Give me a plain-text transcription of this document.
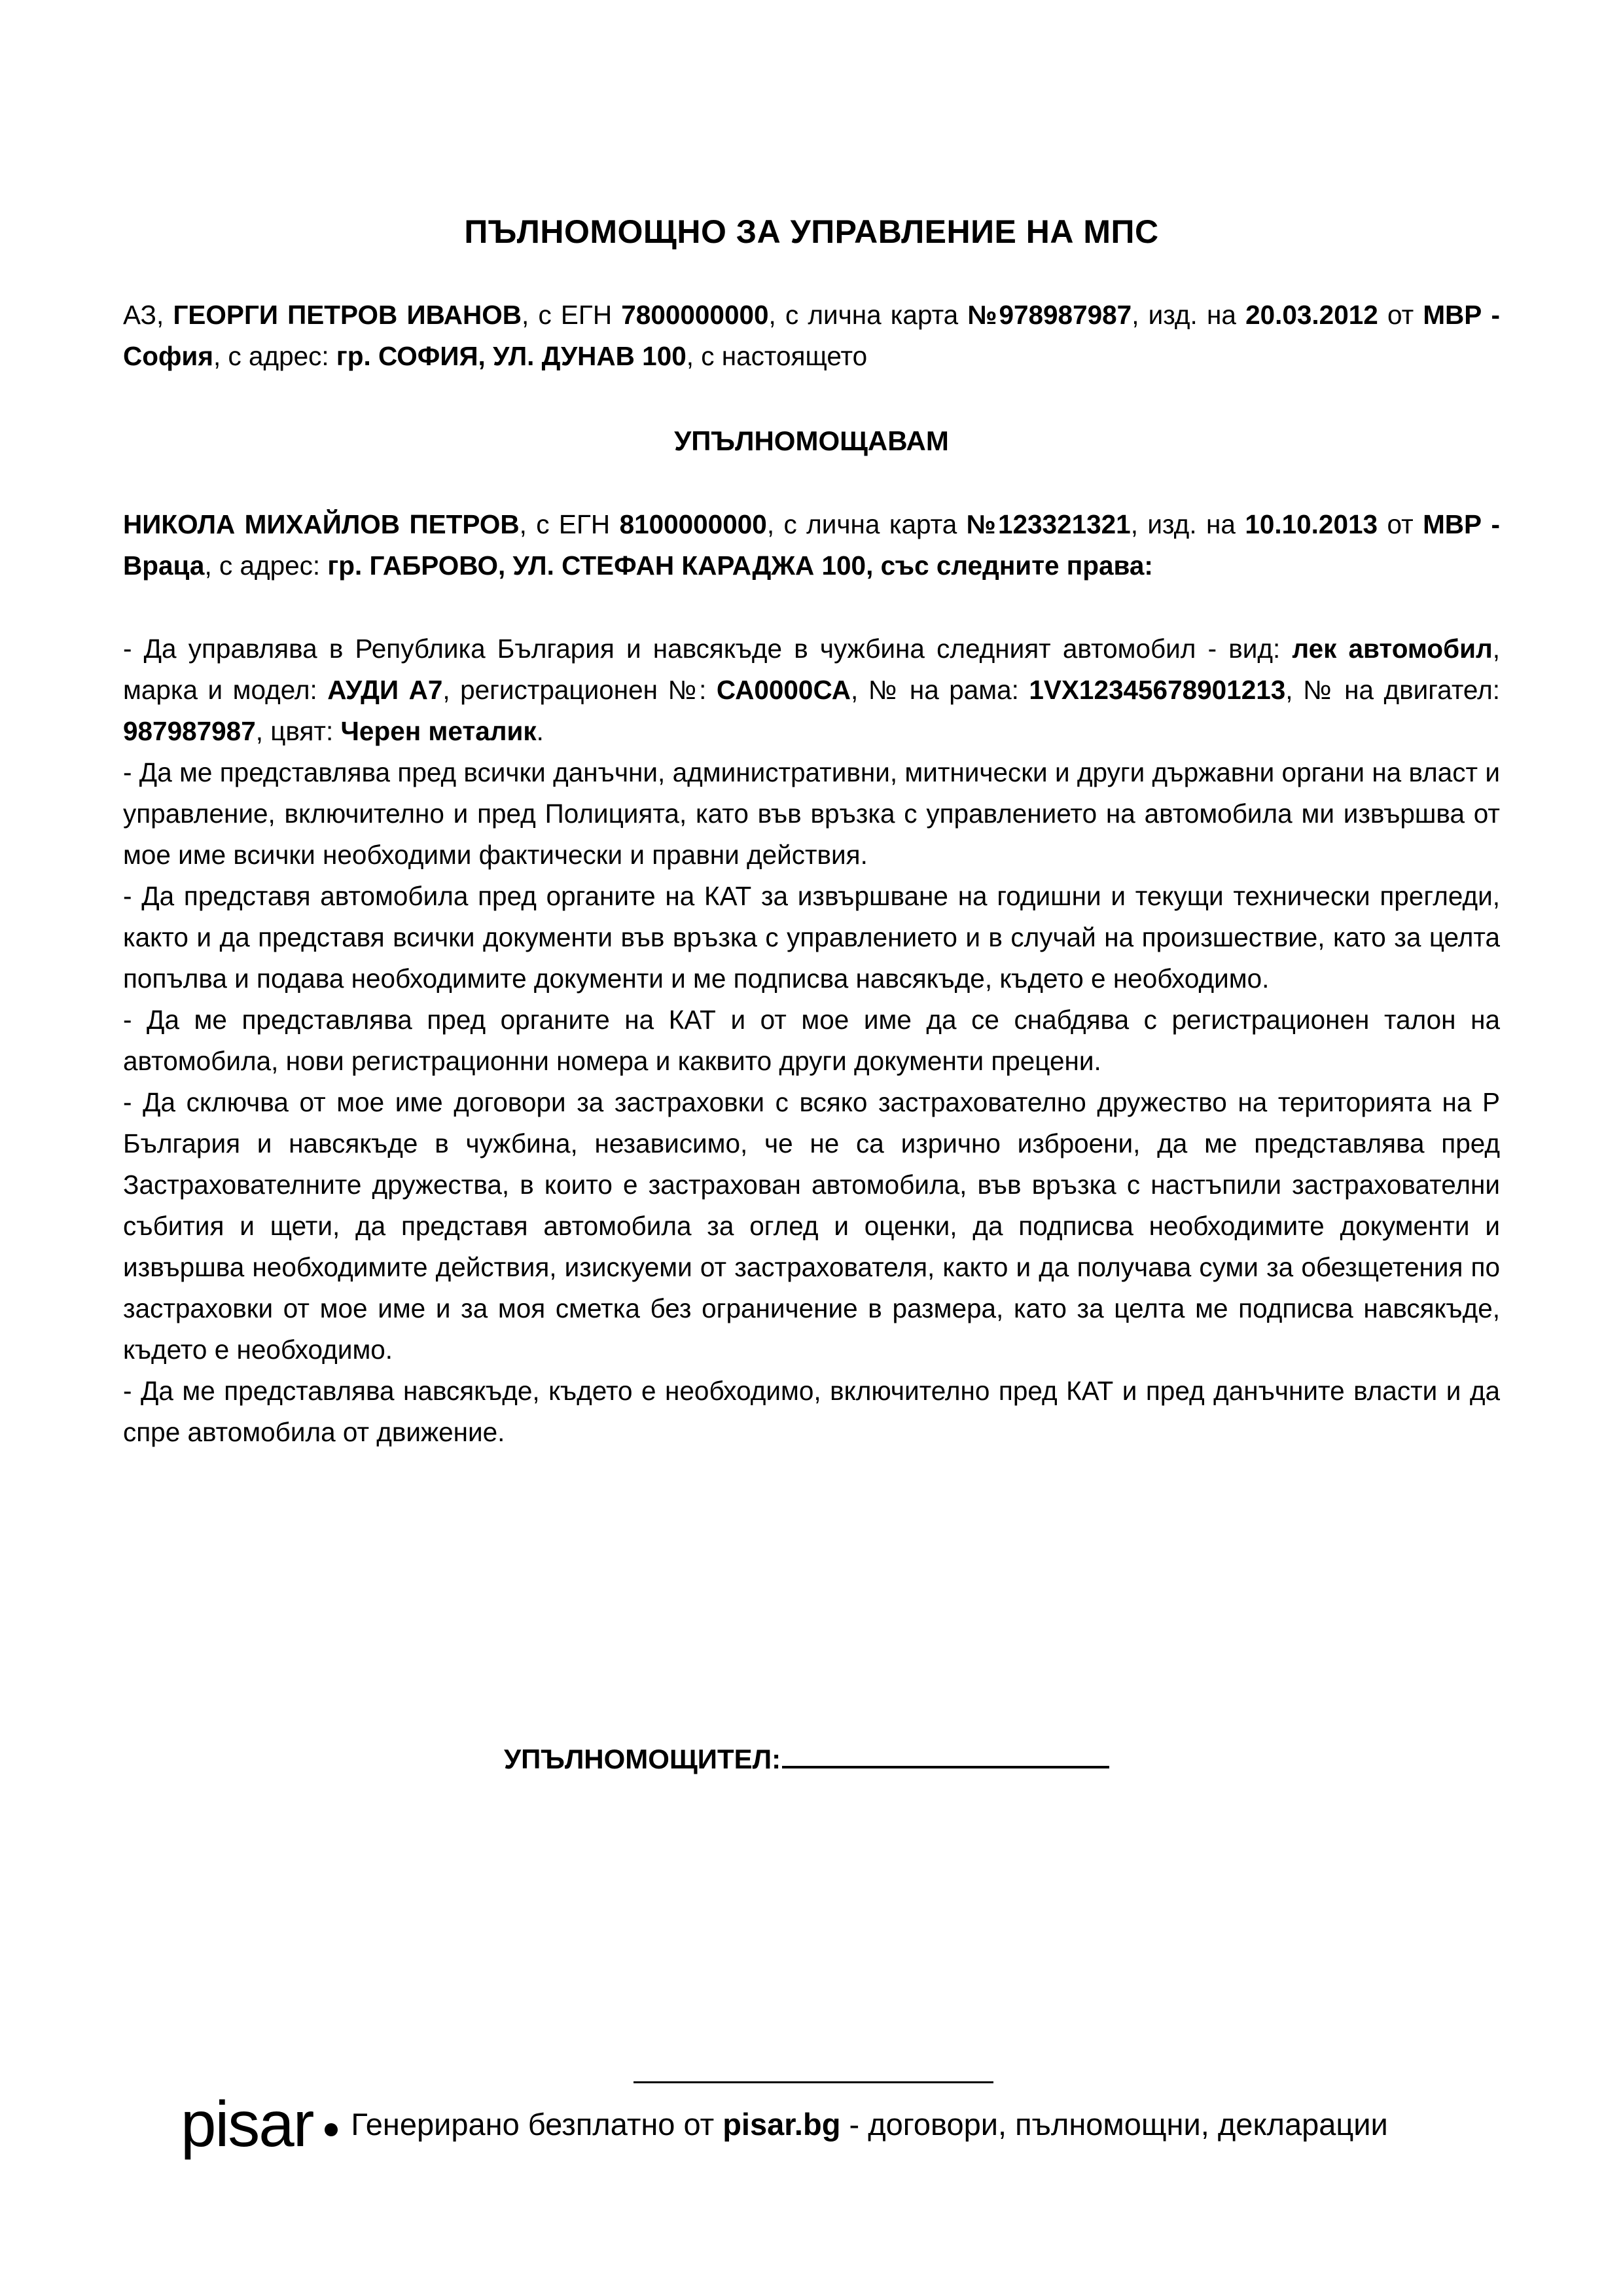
ПЪЛНОМОЩНО ЗА УПРАВЛЕНИЕ НА МПС
АЗ, ГЕОРГИ ПЕТРОВ ИВАНОВ, с ЕГН 7800000000, с лична карта №978987987, изд. на 20.03.2012 от МВР - София, с адрес: гр. СОФИЯ, УЛ. ДУНАВ 100, с настоящето
УПЪЛНОМОЩАВАМ
НИКОЛА МИХАЙЛОВ ПЕТРОВ, с ЕГН 8100000000, с лична карта №123321321, изд. на 10.10.2013 от МВР - Враца, с адрес: гр. ГАБРОВО, УЛ. СТЕФАН КАРАДЖА 100, със следните права:
- Да управлява в Република България и навсякъде в чужбина следният автомобил - вид: лек автомобил, марка и модел: АУДИ А7, регистрационен №: СА0000СА, № на рама: 1VX12345678901213, № на двигател: 987987987, цвят: Черен металик.
- Да ме представлява пред всички данъчни, административни, митнически и други държавни органи на власт и управление, включително и пред Полицията, като във връзка с управлението на автомобила ми извършва от мое име всички необходими фактически и правни действия.
- Да представя автомобила пред органите на КАТ за извършване на годишни и текущи технически прегледи, както и да представя всички документи във връзка с управлението и в случай на произшествие, като за целта попълва и подава необходимите документи и ме подписва навсякъде, където е необходимо.
- Да ме представлява пред органите на КАТ и от мое име да се снабдява с регистрационен талон на автомобила, нови регистрационни номера и каквито други документи прецени.
- Да сключва от мое име договори за застраховки с всяко застрахователно дружество на територията на Р България и навсякъде в чужбина, независимо, че не са изрично изброени, да ме представлява пред Застрахователните дружества, в които е застрахован автомобила, във връзка с настъпили застрахователни събития и щети, да представя автомобила за оглед и оценки, да подписва необходимите документи и извършва необходимите действия, изискуеми от застрахователя, както и да получава суми за обезщетения по застраховки от мое име и за моя сметка без ограничение в размера, като за целта ме подписва навсякъде, където е необходимо.
- Да ме представлява навсякъде, където е необходимо, включително пред КАТ и пред данъчните власти и да спре автомобила от движение.
УПЪЛНОМОЩИТЕЛ:
pisar Генерирано безплатно от pisar.bg - договори, пълномощни, декларации
